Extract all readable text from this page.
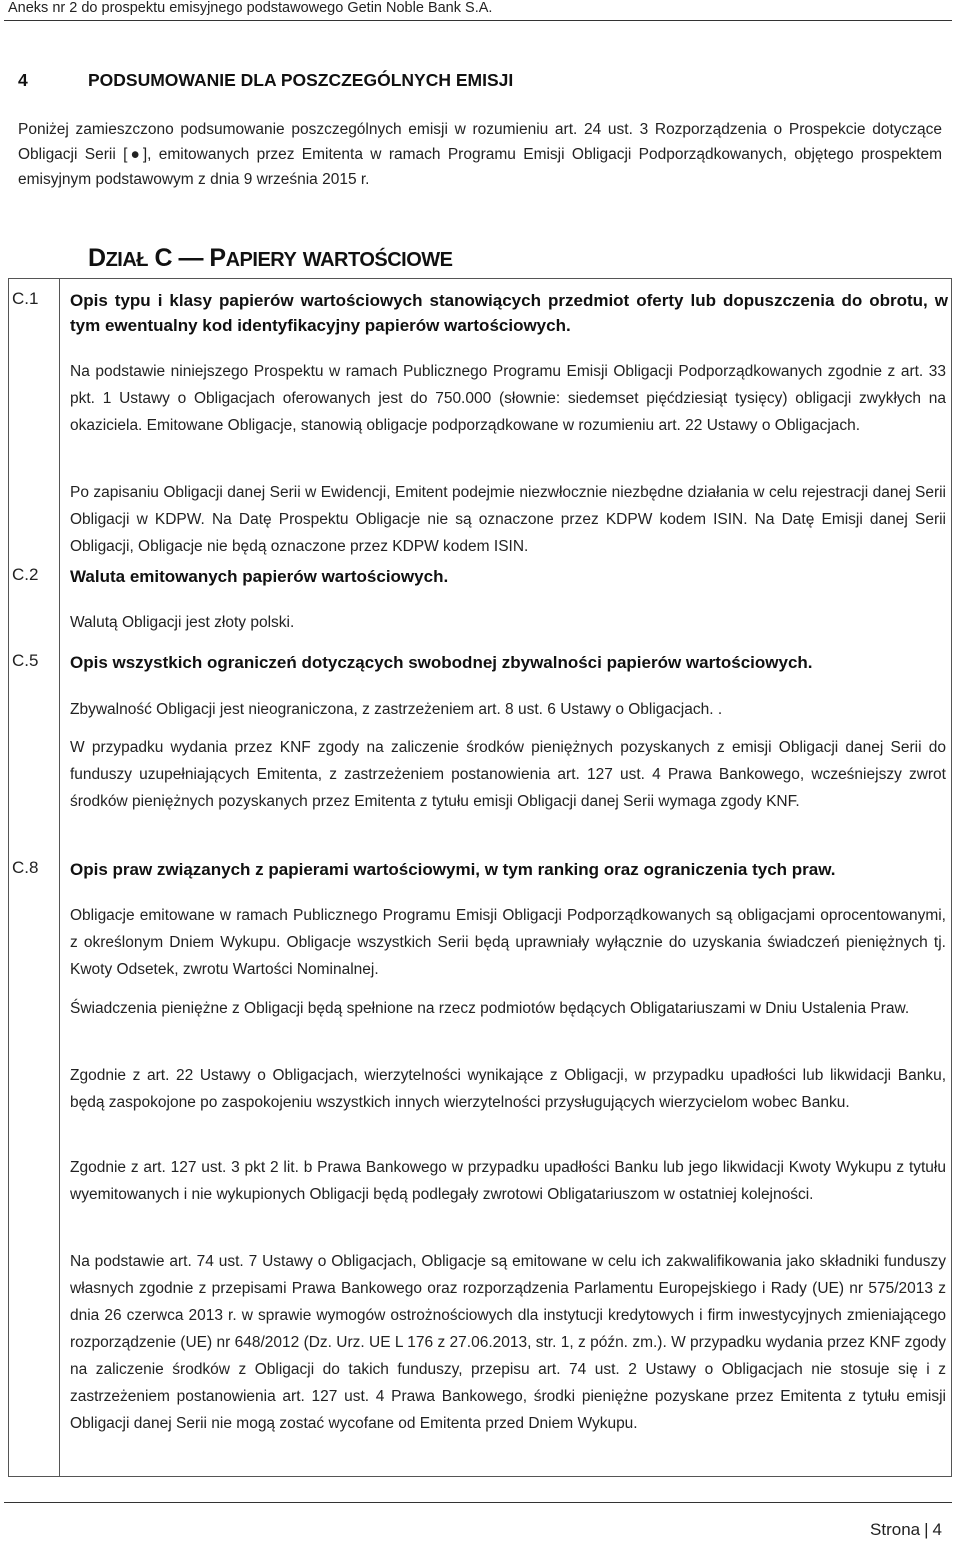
Aneks nr 2 do prospektu emisyjnego podstawowego Getin Noble Bank S.A.
4	PODSUMOWANIE DLA POSZCZEGÓLNYCH EMISJI
Poniżej zamieszczono podsumowanie poszczególnych emisji w rozumieniu art. 24 ust. 3 Rozporządzenia o Prospekcie dotyczące Obligacji Serii [●], emitowanych przez Emitenta w ramach Programu Emisji Obligacji Podporządkowanych, objętego prospektem emisyjnym podstawowym z dnia 9 września 2015 r.
DZIAŁ C — PAPIERY WARTOŚCIOWE
C.1 Opis typu i klasy papierów wartościowych stanowiących przedmiot oferty lub dopuszczenia do obrotu, w tym ewentualny kod identyfikacyjny papierów wartościowych.
Na podstawie niniejszego Prospektu w ramach Publicznego Programu Emisji Obligacji Podporządkowanych zgodnie z art. 33 pkt. 1 Ustawy o Obligacjach oferowanych jest do 750.000 (słownie: siedemset pięćdziesiąt tysięcy) obligacji zwykłych na okaziciela. Emitowane Obligacje, stanowią obligacje podporządkowane w rozumieniu art. 22 Ustawy o Obligacjach.
Po zapisaniu Obligacji danej Serii w Ewidencji, Emitent podejmie niezwłocznie niezbędne działania w celu rejestracji danej Serii Obligacji w KDPW. Na Datę Prospektu Obligacje nie są oznaczone przez KDPW kodem ISIN. Na Datę Emisji danej Serii Obligacji, Obligacje nie będą oznaczone przez KDPW kodem ISIN.
C.2 Waluta emitowanych papierów wartościowych.
Walutą Obligacji jest złoty polski.
C.5 Opis wszystkich ograniczeń dotyczących swobodnej zbywalności papierów wartościowych.
Zbywalność Obligacji jest nieograniczona, z zastrzeżeniem art. 8 ust. 6 Ustawy o Obligacjach. .
W przypadku wydania przez KNF zgody na zaliczenie środków pieniężnych pozyskanych z emisji Obligacji danej Serii do funduszy uzupełniających Emitenta, z zastrzeżeniem postanowienia art. 127 ust. 4 Prawa Bankowego, wcześniejszy zwrot środków pieniężnych pozyskanych przez Emitenta z tytułu emisji Obligacji danej Serii wymaga zgody KNF.
C.8 Opis praw związanych z papierami wartościowymi, w tym ranking oraz ograniczenia tych praw.
Obligacje emitowane w ramach Publicznego Programu Emisji Obligacji Podporządkowanych są obligacjami oprocentowanymi, z określonym Dniem Wykupu. Obligacje wszystkich Serii będą uprawniały wyłącznie do uzyskania świadczeń pieniężnych tj. Kwoty Odsetek, zwrotu Wartości Nominalnej.
Świadczenia pieniężne z Obligacji będą spełnione na rzecz podmiotów będących Obligatariuszami w Dniu Ustalenia Praw.
Zgodnie z art. 22 Ustawy o Obligacjach, wierzytelności wynikające z Obligacji, w przypadku upadłości lub likwidacji Banku, będą zaspokojone po zaspokojeniu wszystkich innych wierzytelności przysługujących wierzycielom wobec Banku.
Zgodnie z art. 127 ust. 3 pkt 2 lit. b Prawa Bankowego w przypadku upadłości Banku lub jego likwidacji Kwoty Wykupu z tytułu wyemitowanych i nie wykupionych Obligacji będą podlegały zwrotowi Obligatariuszom w ostatniej kolejności.
Na podstawie art. 74 ust. 7 Ustawy o Obligacjach, Obligacje są emitowane w celu ich zakwalifikowania jako składniki funduszy własnych zgodnie z przepisami Prawa Bankowego oraz rozporządzenia Parlamentu Europejskiego i Rady (UE) nr 575/2013 z dnia 26 czerwca 2013 r. w sprawie wymogów ostrożnościowych dla instytucji kredytowych i firm inwestycyjnych zmieniającego rozporządzenie (UE) nr 648/2012 (Dz. Urz. UE L 176 z 27.06.2013, str. 1, z późn. zm.). W przypadku wydania przez KNF zgody na zaliczenie środków z Obligacji do takich funduszy, przepisu art. 74 ust. 2 Ustawy o Obligacjach nie stosuje się i z zastrzeżeniem postanowienia art. 127 ust. 4 Prawa Bankowego, środki pieniężne pozyskane przez Emitenta z tytułu emisji Obligacji danej Serii nie mogą zostać wycofane od Emitenta przed Dniem Wykupu.
Strona | 4
